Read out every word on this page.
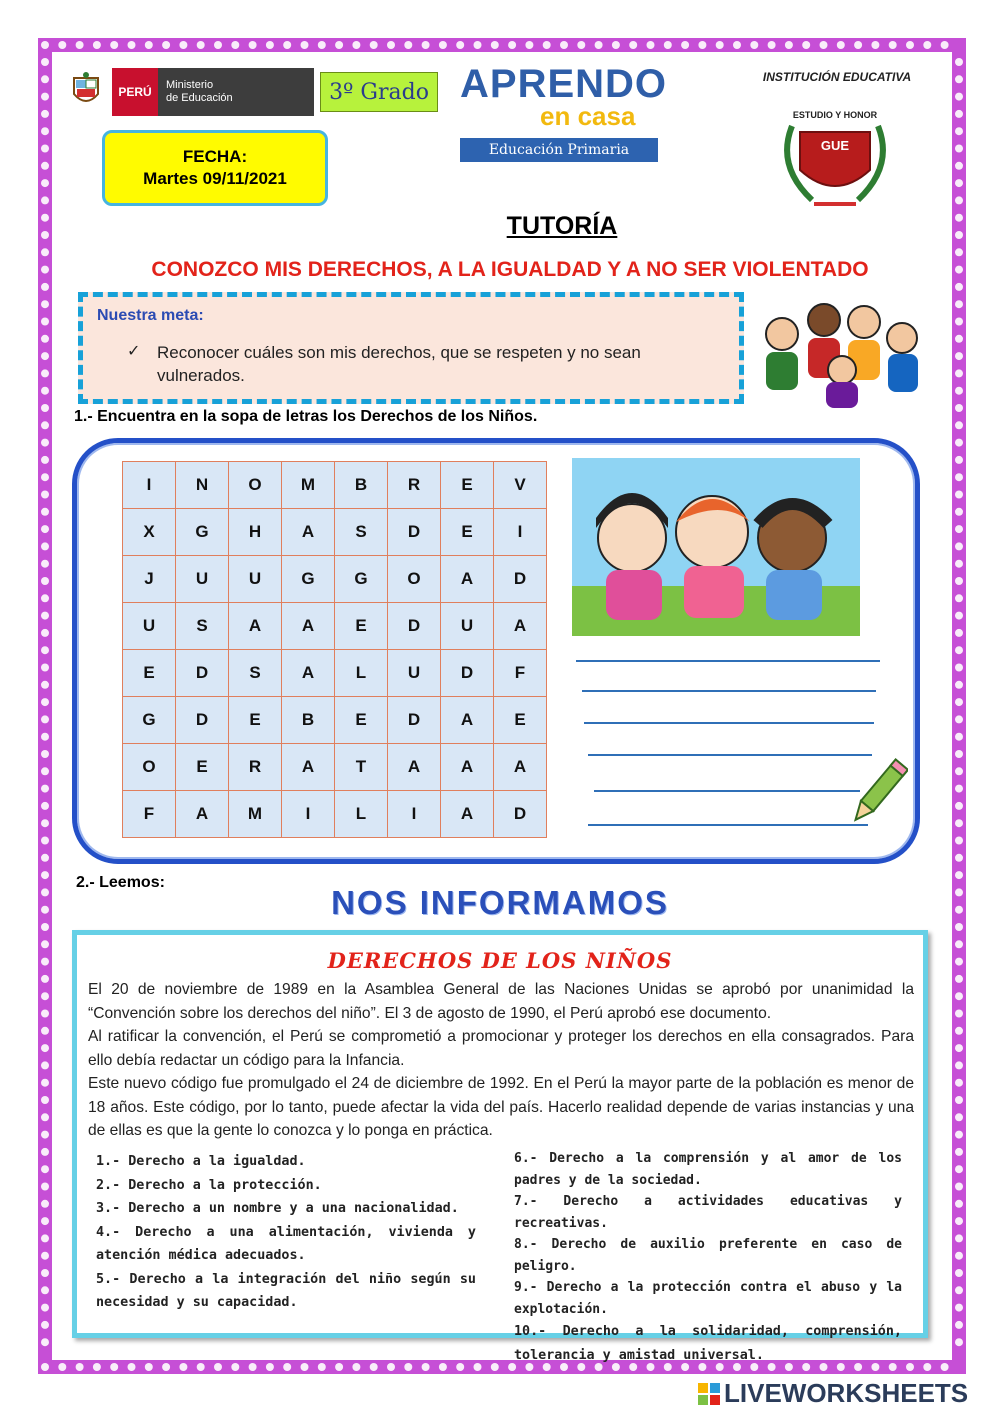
PERÚ	Ministerio
de Educación	3º Grado APRENDO
en casa
Educación Primaria
INSTITUCIÓN EDUCATIVA
GUE
ESTUDIO Y HONOR
FECHA:
Martes 09/11/2021
TUTORÍA
CONOZCO MIS DERECHOS, A LA IGUALDAD Y A NO SER VIOLENTADO
Nuestra meta:
✓ Reconocer cuáles son mis derechos, que se respeten y no sean vulnerados.
1.- Encuentra en la sopa de letras los Derechos de los Niños.
I	N	O	M	B	R	E	V
X	G	H	A	S	D	E	I
J	U	U	G	G	O	A	D
U	S	A	A	E	D	U	A
E	D	S	A	L	U	D	F
G	D	E	B	E	D	A	E
O	E	R	A	T	A	A	A
F	A	M	I	L	I	A	D
2.- Leemos:
NOS INFORMAMOS
DERECHOS DE LOS NIÑOS
El 20 de noviembre de 1989 en la Asamblea General de las Naciones Unidas se aprobó por unanimidad la “Convención sobre los derechos del niño”. El 3 de agosto de 1990, el Perú aprobó ese documento.
Al ratificar la convención, el Perú se comprometió a promocionar y proteger los derechos en ella consagrados. Para ello debía redactar un código para la Infancia.
Este nuevo código fue promulgado el 24 de diciembre de 1992. En el Perú la mayor parte de la población es menor de 18 años. Este código, por lo tanto, puede afectar la vida del país. Hacerlo realidad depende de varias instancias y una de ellas es que la gente lo conozca y lo ponga en práctica.
1.- Derecho a la igualdad.
2.- Derecho a la protección.
3.- Derecho a un nombre y a una nacionalidad.
4.- Derecho a una alimentación, vivienda y atención médica adecuados.
5.- Derecho a la integración del niño según su necesidad y su capacidad.
6.- Derecho a la comprensión y al amor de los padres y de la sociedad.
7.- Derecho a actividades educativas y recreativas.
8.- Derecho de auxilio preferente en caso de peligro.
9.- Derecho a la protección contra el abuso y la explotación.
10.- Derecho a la solidaridad, comprensión, tolerancia y amistad universal.
LIVEWORKSHEETS
